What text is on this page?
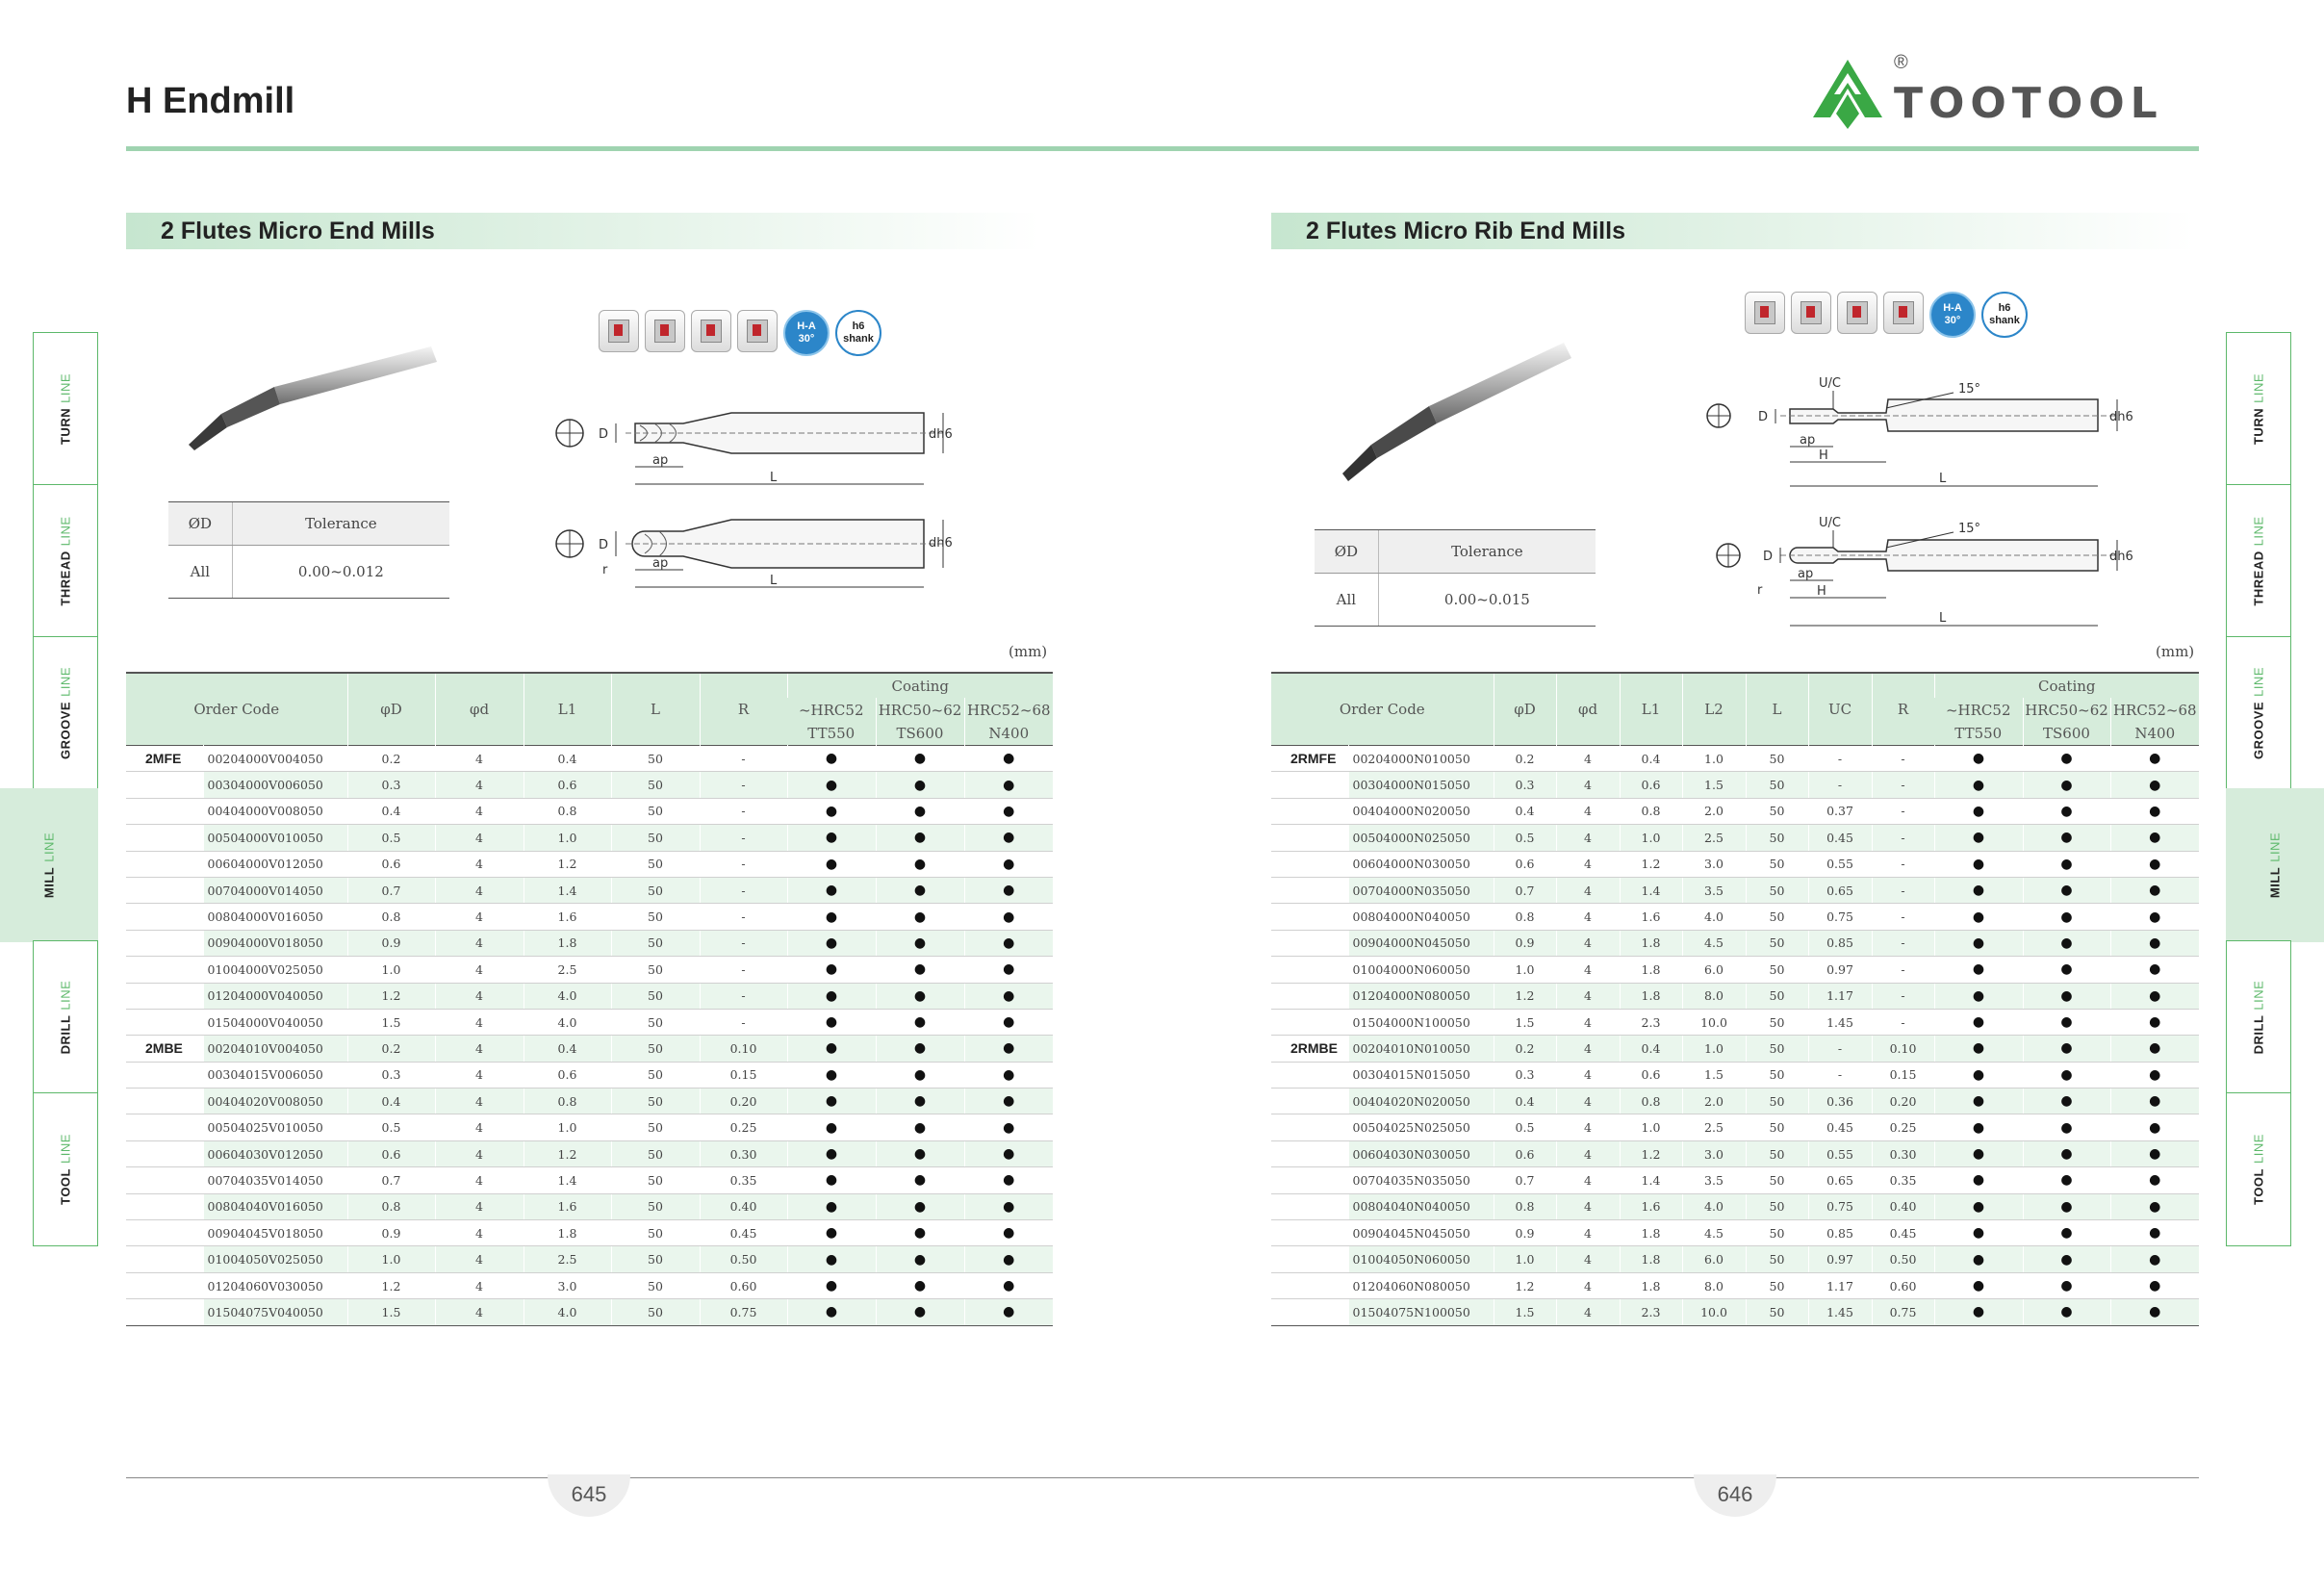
H Endmill
®
TOOTOOL
TURNLINE
THREADLINE
GROOVELINE
MILLLINE
DRILLLINE
TOOLLINE
TURNLINE
THREADLINE
GROOVELINE
MILLLINE
DRILLLINE
TOOLLINE
2 Flutes Micro End Mills
ØD	Tolerance
All	0.00~0.012
H-A
30°
h6
shank
D	dh6
ap
L
D	dh6
r	ap
L
(mm)
Order Code		φD	φd	L1	L	R	Coating		
							~HRC52	HRC50~62	HRC52~68
							TT550	TS600	N400
2MFE	00204000V004050	0.2	4	0.4	50	-	●	●	●
	00304000V006050	0.3	4	0.6	50	-	●	●	●
	00404000V008050	0.4	4	0.8	50	-	●	●	●
	00504000V010050	0.5	4	1.0	50	-	●	●	●
	00604000V012050	0.6	4	1.2	50	-	●	●	●
	00704000V014050	0.7	4	1.4	50	-	●	●	●
	00804000V016050	0.8	4	1.6	50	-	●	●	●
	00904000V018050	0.9	4	1.8	50	-	●	●	●
	01004000V025050	1.0	4	2.5	50	-	●	●	●
	01204000V040050	1.2	4	4.0	50	-	●	●	●
	01504000V040050	1.5	4	4.0	50	-	●	●	●
2MBE	00204010V004050	0.2	4	0.4	50	0.10	●	●	●
	00304015V006050	0.3	4	0.6	50	0.15	●	●	●
	00404020V008050	0.4	4	0.8	50	0.20	●	●	●
	00504025V010050	0.5	4	1.0	50	0.25	●	●	●
	00604030V012050	0.6	4	1.2	50	0.30	●	●	●
	00704035V014050	0.7	4	1.4	50	0.35	●	●	●
	00804040V016050	0.8	4	1.6	50	0.40	●	●	●
	00904045V018050	0.9	4	1.8	50	0.45	●	●	●
	01004050V025050	1.0	4	2.5	50	0.50	●	●	●
	01204060V030050	1.2	4	3.0	50	0.60	●	●	●
	01504075V040050	1.5	4	4.0	50	0.75	●	●	●
2 Flutes Micro Rib End Mills
ØD	Tolerance
All	0.00~0.015
H-A
30°
h6
shank
U/C	15°
D	dh6
ap
H
L
U/C	15°
D	dh6
r
ap
H
L
(mm)
Order Code		φD	φd	L1	L2	L	UC	R	Coating		
									~HRC52	HRC50~62	HRC52~68
									TT550	TS600	N400
2RMFE	00204000N010050	0.2	4	0.4	1.0	50	-	-	●	●	●
	00304000N015050	0.3	4	0.6	1.5	50	-	-	●	●	●
	00404000N020050	0.4	4	0.8	2.0	50	0.37	-	●	●	●
	00504000N025050	0.5	4	1.0	2.5	50	0.45	-	●	●	●
	00604000N030050	0.6	4	1.2	3.0	50	0.55	-	●	●	●
	00704000N035050	0.7	4	1.4	3.5	50	0.65	-	●	●	●
	00804000N040050	0.8	4	1.6	4.0	50	0.75	-	●	●	●
	00904000N045050	0.9	4	1.8	4.5	50	0.85	-	●	●	●
	01004000N060050	1.0	4	1.8	6.0	50	0.97	-	●	●	●
	01204000N080050	1.2	4	1.8	8.0	50	1.17	-	●	●	●
	01504000N100050	1.5	4	2.3	10.0	50	1.45	-	●	●	●
2RMBE	00204010N010050	0.2	4	0.4	1.0	50	-	0.10	●	●	●
	00304015N015050	0.3	4	0.6	1.5	50	-	0.15	●	●	●
	00404020N020050	0.4	4	0.8	2.0	50	0.36	0.20	●	●	●
	00504025N025050	0.5	4	1.0	2.5	50	0.45	0.25	●	●	●
	00604030N030050	0.6	4	1.2	3.0	50	0.55	0.30	●	●	●
	00704035N035050	0.7	4	1.4	3.5	50	0.65	0.35	●	●	●
	00804040N040050	0.8	4	1.6	4.0	50	0.75	0.40	●	●	●
	00904045N045050	0.9	4	1.8	4.5	50	0.85	0.45	●	●	●
	01004050N060050	1.0	4	1.8	6.0	50	0.97	0.50	●	●	●
	01204060N080050	1.2	4	1.8	8.0	50	1.17	0.60	●	●	●
	01504075N100050	1.5	4	2.3	10.0	50	1.45	0.75	●	●	●
645	646
